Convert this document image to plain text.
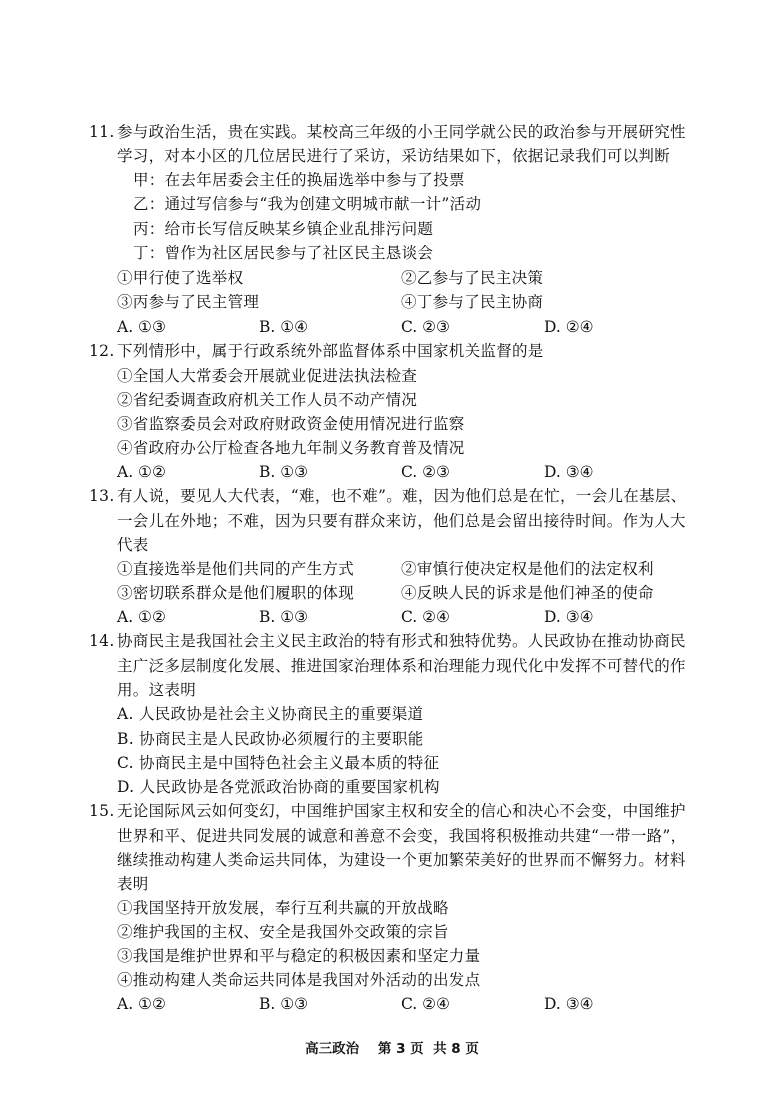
11. 参与政治生活，贵在实践。某校高三年级的小王同学就公民的政治参与开展研究性
学习，对本小区的几位居民进行了采访，采访结果如下，依据记录我们可以判断
甲：在去年居委会主任的换届选举中参与了投票
乙：通过写信参与“我为创建文明城市献一计”活动
丙：给市长写信反映某乡镇企业乱排污问题
丁：曾作为社区居民参与了社区民主恳谈会
①甲行使了选举权	②乙参与了民主决策
③丙参与了民主管理	④丁参与了民主协商
A. ①③	B. ①④	C. ②③	D. ②④
12. 下列情形中，属于行政系统外部监督体系中国家机关监督的是
①全国人大常委会开展就业促进法执法检查
②省纪委调查政府机关工作人员不动产情况
③省监察委员会对政府财政资金使用情况进行监察
④省政府办公厅检查各地九年制义务教育普及情况
A. ①②	B. ①③	C. ②③	D. ③④
13. 有人说，要见人大代表，“难，也不难”。难，因为他们总是在忙，一会儿在基层、
一会儿在外地；不难，因为只要有群众来访，他们总是会留出接待时间。作为人大
代表
①直接选举是他们共同的产生方式	②审慎行使决定权是他们的法定权利
③密切联系群众是他们履职的体现	④反映人民的诉求是他们神圣的使命
A. ①②	B. ①③	C. ②④	D. ③④
14. 协商民主是我国社会主义民主政治的特有形式和独特优势。人民政协在推动协商民
主广泛多层制度化发展、推进国家治理体系和治理能力现代化中发挥不可替代的作
用。这表明
A. 人民政协是社会主义协商民主的重要渠道
B. 协商民主是人民政协必须履行的主要职能
C. 协商民主是中国特色社会主义最本质的特征
D. 人民政协是各党派政治协商的重要国家机构
15. 无论国际风云如何变幻，中国维护国家主权和安全的信心和决心不会变，中国维护
世界和平、促进共同发展的诚意和善意不会变，我国将积极推动共建“一带一路”，
继续推动构建人类命运共同体，为建设一个更加繁荣美好的世界而不懈努力。材料
表明
①我国坚持开放发展，奉行互利共赢的开放战略
②维护我国的主权、安全是我国外交政策的宗旨
③我国是维护世界和平与稳定的积极因素和坚定力量
④推动构建人类命运共同体是我国对外活动的出发点
A. ①②	B. ①③	C. ②④	D. ③④
高三政治    第 3 页  共 8 页
